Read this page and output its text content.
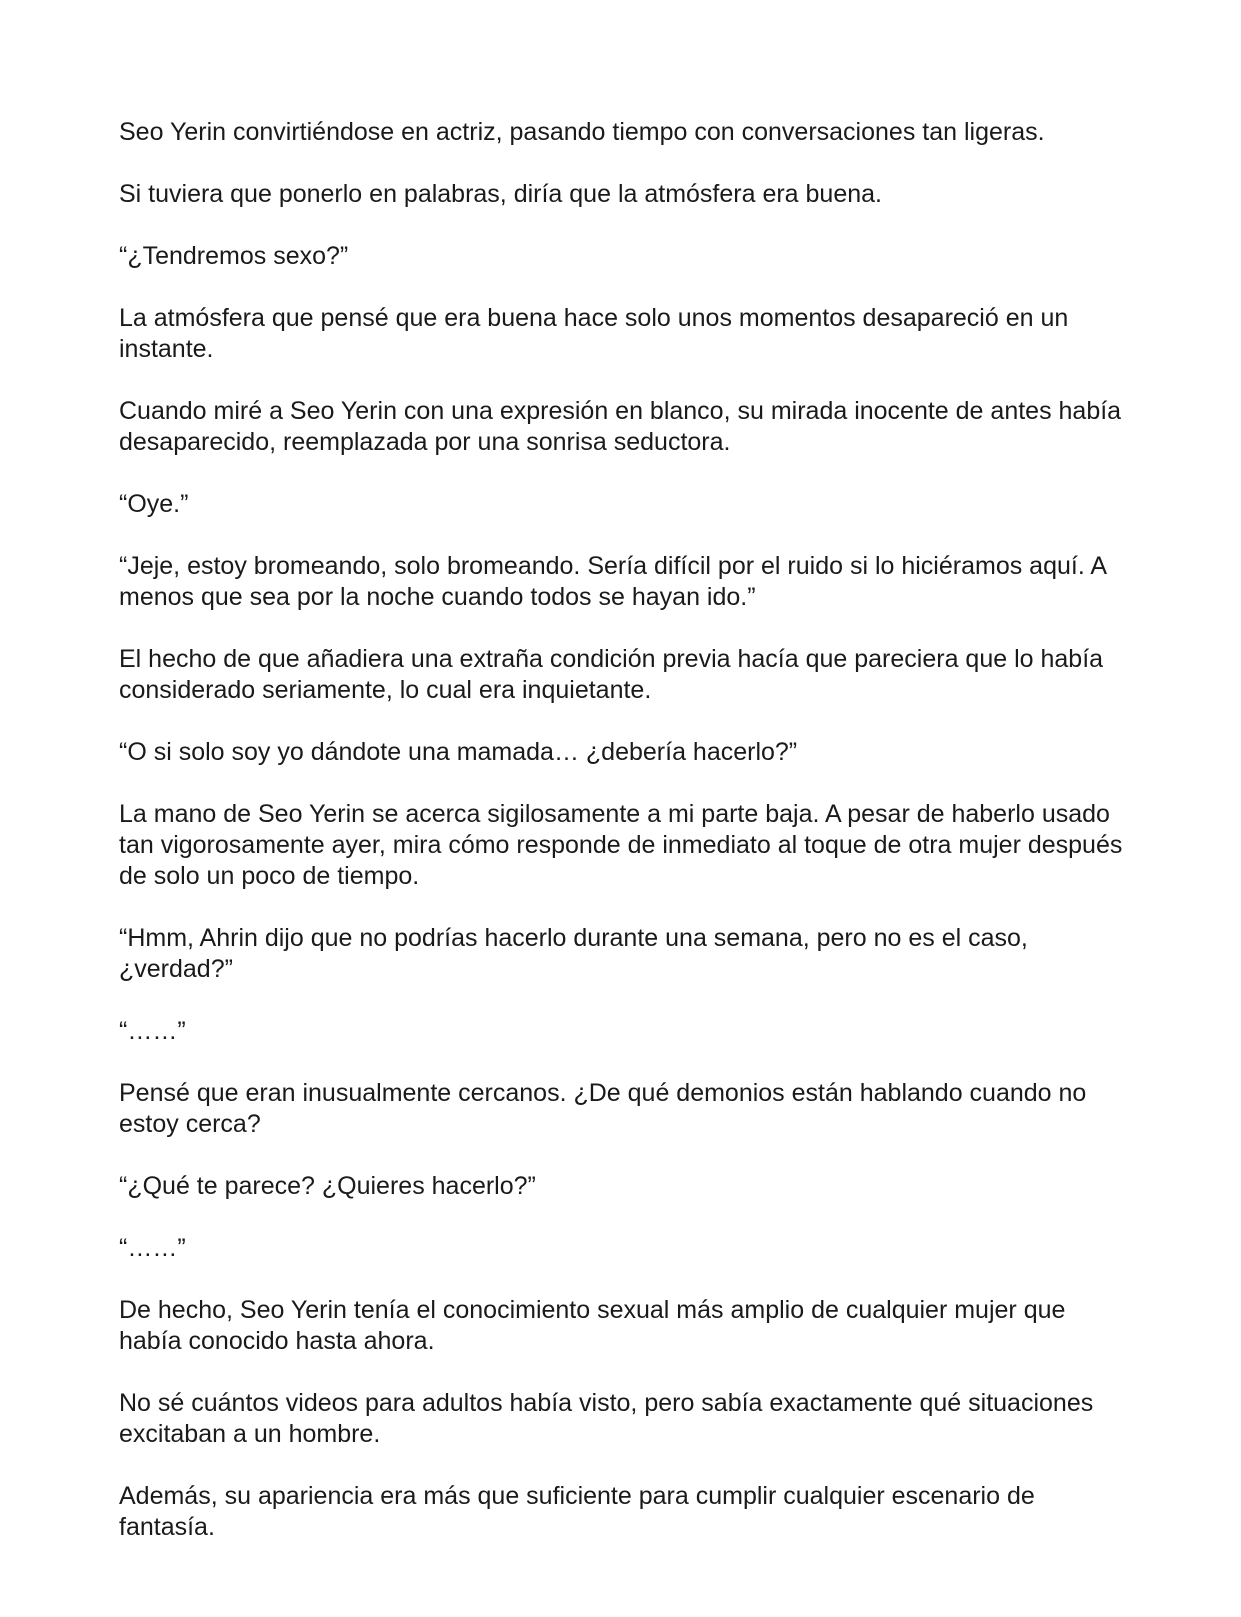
Seo Yerin convirtiéndose en actriz, pasando tiempo con conversaciones tan ligeras.

Si tuviera que ponerlo en palabras, diría que la atmósfera era buena.

“¿Tendremos sexo?”

La atmósfera que pensé que era buena hace solo unos momentos desapareció en un instante.

Cuando miré a Seo Yerin con una expresión en blanco, su mirada inocente de antes había desaparecido, reemplazada por una sonrisa seductora.

“Oye.”

“Jeje, estoy bromeando, solo bromeando. Sería difícil por el ruido si lo hiciéramos aquí. A menos que sea por la noche cuando todos se hayan ido.”

El hecho de que añadiera una extraña condición previa hacía que pareciera que lo había considerado seriamente, lo cual era inquietante.

“O si solo soy yo dándote una mamada… ¿debería hacerlo?”

La mano de Seo Yerin se acerca sigilosamente a mi parte baja. A pesar de haberlo usado tan vigorosamente ayer, mira cómo responde de inmediato al toque de otra mujer después de solo un poco de tiempo.

“Hmm, Ahrin dijo que no podrías hacerlo durante una semana, pero no es el caso, ¿verdad?”

“……”

Pensé que eran inusualmente cercanos. ¿De qué demonios están hablando cuando no estoy cerca?

“¿Qué te parece? ¿Quieres hacerlo?”

“……”

De hecho, Seo Yerin tenía el conocimiento sexual más amplio de cualquier mujer que había conocido hasta ahora.

No sé cuántos videos para adultos había visto, pero sabía exactamente qué situaciones excitaban a un hombre.

Además, su apariencia era más que suficiente para cumplir cualquier escenario de fantasía.
